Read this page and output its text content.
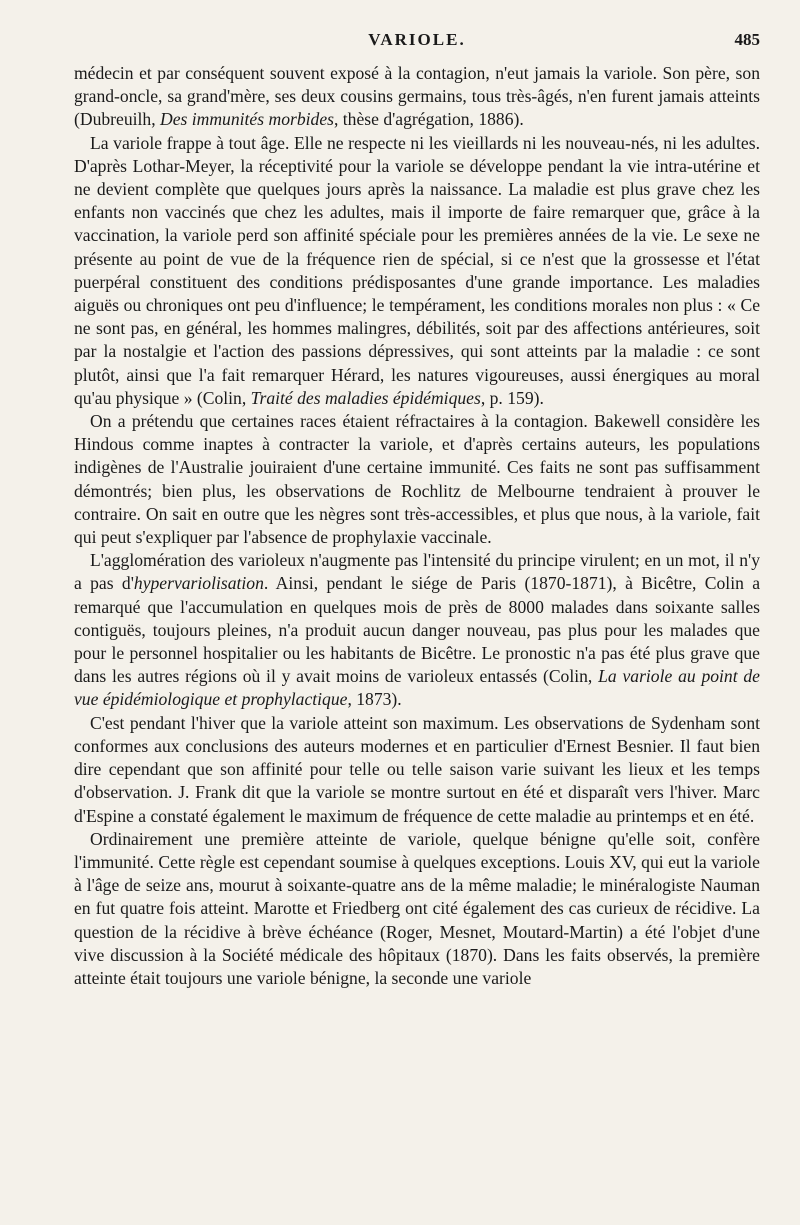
VARIOLE.	485

médecin et par conséquent souvent exposé à la contagion, n'eut jamais la variole. Son père, son grand-oncle, sa grand'mère, ses deux cousins germains, tous très-âgés, n'en furent jamais atteints (Dubreuilh, Des immunités morbides, thèse d'agrégation, 1886).

La variole frappe à tout âge. Elle ne respecte ni les vieillards ni les nouveau-nés, ni les adultes. D'après Lothar-Meyer, la réceptivité pour la variole se développe pendant la vie intra-utérine et ne devient complète que quelques jours après la naissance. La maladie est plus grave chez les enfants non vaccinés que chez les adultes, mais il importe de faire remarquer que, grâce à la vaccination, la variole perd son affinité spéciale pour les premières années de la vie. Le sexe ne présente au point de vue de la fréquence rien de spécial, si ce n'est que la grossesse et l'état puerpéral constituent des conditions prédisposantes d'une grande importance. Les maladies aiguës ou chroniques ont peu d'influence; le tempérament, les conditions morales non plus : « Ce ne sont pas, en général, les hommes malingres, débilités, soit par des affections antérieures, soit par la nostalgie et l'action des passions dépressives, qui sont atteints par la maladie : ce sont plutôt, ainsi que l'a fait remarquer Hérard, les natures vigoureuses, aussi énergiques au moral qu'au physique » (Colin, Traité des maladies épidémiques, p. 159).

On a prétendu que certaines races étaient réfractaires à la contagion. Bakewell considère les Hindous comme inaptes à contracter la variole, et d'après certains auteurs, les populations indigènes de l'Australie jouiraient d'une certaine immunité. Ces faits ne sont pas suffisamment démontrés; bien plus, les observations de Rochlitz de Melbourne tendraient à prouver le contraire. On sait en outre que les nègres sont très-accessibles, et plus que nous, à la variole, fait qui peut s'expliquer par l'absence de prophylaxie vaccinale.

L'agglomération des varioleux n'augmente pas l'intensité du principe virulent; en un mot, il n'y a pas d'hypervariolisation. Ainsi, pendant le siége de Paris (1870-1871), à Bicêtre, Colin a remarqué que l'accumulation en quelques mois de près de 8000 malades dans soixante salles contiguës, toujours pleines, n'a produit aucun danger nouveau, pas plus pour les malades que pour le personnel hospitalier ou les habitants de Bicêtre. Le pronostic n'a pas été plus grave que dans les autres régions où il y avait moins de varioleux entassés (Colin, La variole au point de vue épidémiologique et prophylactique, 1873).

C'est pendant l'hiver que la variole atteint son maximum. Les observations de Sydenham sont conformes aux conclusions des auteurs modernes et en particulier d'Ernest Besnier. Il faut bien dire cependant que son affinité pour telle ou telle saison varie suivant les lieux et les temps d'observation. J. Frank dit que la variole se montre surtout en été et disparaît vers l'hiver. Marc d'Espine a constaté également le maximum de fréquence de cette maladie au printemps et en été.

Ordinairement une première atteinte de variole, quelque bénigne qu'elle soit, confère l'immunité. Cette règle est cependant soumise à quelques exceptions. Louis XV, qui eut la variole à l'âge de seize ans, mourut à soixante-quatre ans de la même maladie; le minéralogiste Nauman en fut quatre fois atteint. Marotte et Friedberg ont cité également des cas curieux de récidive. La question de la récidive à brève échéance (Roger, Mesnet, Moutard-Martin) a été l'objet d'une vive discussion à la Société médicale des hôpitaux (1870). Dans les faits observés, la première atteinte était toujours une variole bénigne, la seconde une variole
